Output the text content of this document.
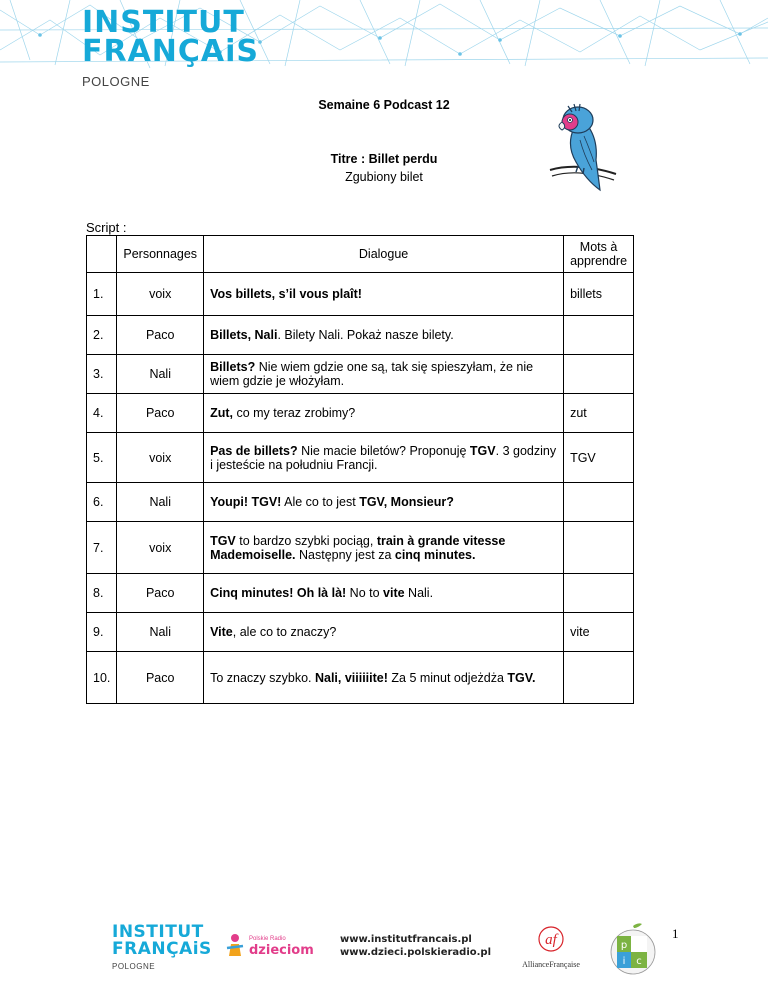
INSTITUT
FRANÇAiS
POLOGNE
Semaine 6 Podcast 12
Titre : Billet perdu
Zgubiony bilet
Script :
	Personnages	Dialogue	Mots à apprendre
1.	voix	Vos billets, s’il vous plaît!	billets
2.	Paco	Billets, Nali. Bilety Nali. Pokaż nasze bilety.	
3.	Nali	Billets? Nie wiem gdzie one są, tak się spieszyłam, że nie wiem gdzie je włożyłam.	
4.	Paco	Zut, co my teraz zrobimy?	zut
5.	voix	Pas de billets? Nie macie biletów? Proponuję TGV. 3 godziny i jesteście na południu Francji.	TGV
6.	Nali	Youpi! TGV! Ale co to jest TGV, Monsieur?	
7.	voix	TGV to bardzo szybki pociąg, train à grande vitesse Mademoiselle. Następny jest za cinq minutes.	
8.	Paco	Cinq minutes! Oh là là! No to vite Nali.	
9.	Nali	Vite, ale co to znaczy?	vite
10.	Paco	To znaczy szybko. Nali, viiiiiite! Za 5 minut odjeżdża TGV.	
1
INSTITUT
FRANÇAiS
POLOGNE
Polskie Radio
dzieciom
www.institutfrancais.pl
www.dzieci.polskieradio.pl
af
AllianceFrançaise
p
i c
